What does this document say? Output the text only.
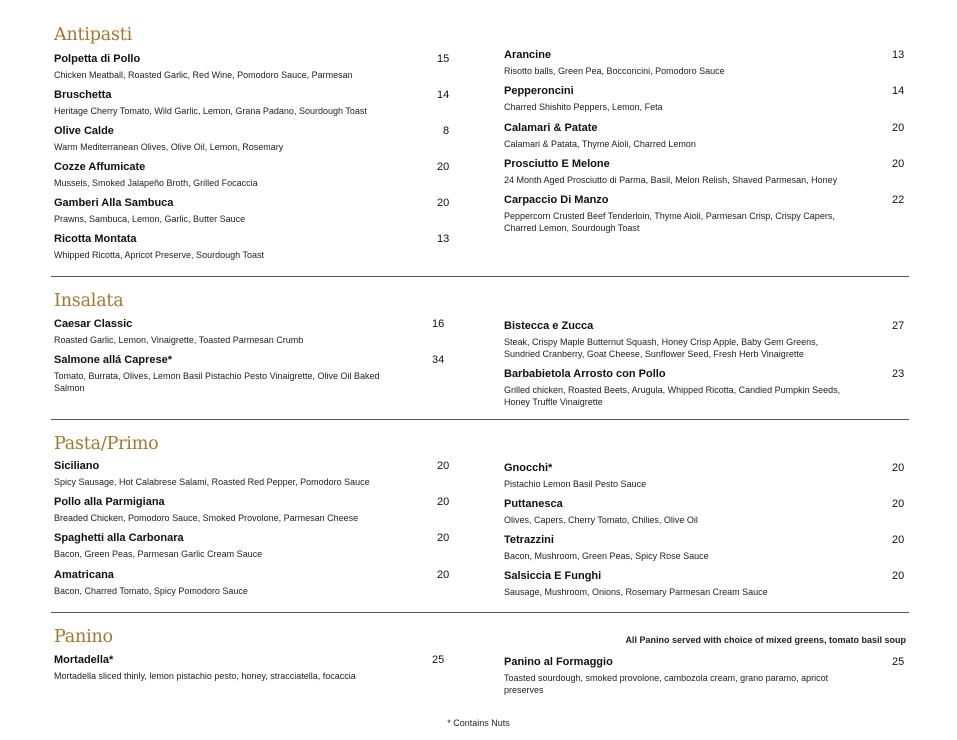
Antipasti
Polpetta di Pollo	15
Chicken Meatball, Roasted Garlic, Red Wine, Pomodoro Sauce, Parmesan
Bruschetta	14
Heritage Cherry Tomato, Wild Garlic, Lemon, Grana Padano, Sourdough Toast
Olive Calde	8
Warm Mediterranean Olives, Olive Oil, Lemon, Rosemary
Cozze Affumicate	20
Mussels, Smoked Jalapeño Broth, Grilled Focaccia
Gamberi Alla Sambuca	20
Prawns, Sambuca, Lemon, Garlic, Butter Sauce
Ricotta Montata	13
Whipped Ricotta, Apricot Preserve, Sourdough Toast
Arancine	13
Risotto balls, Green Pea, Bocconcini, Pomodoro Sauce
Pepperoncini	14
Charred Shishito Peppers, Lemon, Feta
Calamari & Patate	20
Calamari & Patata, Thyme Aioli, Charred Lemon
Prosciutto E Melone	20
24 Month Aged Prosciutto di Parma, Basil, Melon Relish, Shaved Parmesan, Honey
Carpaccio Di Manzo	22
Peppercorn Crusted Beef Tenderloin, Thyme Aioli, Parmesan Crisp, Crispy Capers, Charred Lemon, Sourdough Toast
Insalata
Caesar Classic	16
Roasted Garlic, Lemon, Vinaigrette, Toasted Parmesan Crumb
Salmone allá Caprese*	34
Tomato, Burrata, Olives, Lemon Basil Pistachio Pesto Vinaigrette, Olive Oil Baked Salmon
Bistecca e Zucca	27
Steak, Crispy Maple Butternut Squash, Honey Crisp Apple, Baby Gem Greens, Sundried Cranberry, Goat Cheese, Sunflower Seed, Fresh Herb Vinaigrette
Barbabietola Arrosto con Pollo	23
Grilled chicken, Roasted Beets, Arugula, Whipped Ricotta, Candied Pumpkin Seeds, Honey Truffle Vinaigrette
Pasta/Primo
Siciliano	20
Spicy Sausage, Hot Calabrese Salami, Roasted Red Pepper, Pomodoro Sauce
Pollo alla Parmigiana	20
Breaded Chicken, Pomodoro Sauce, Smoked Provolone, Parmesan Cheese
Spaghetti alla Carbonara	20
Bacon, Green Peas, Parmesan Garlic Cream Sauce
Amatricana	20
Bacon, Charred Tomato, Spicy Pomodoro Sauce
Gnocchi*	20
Pistachio Lemon Basil Pesto Sauce
Puttanesca	20
Olives, Capers, Cherry Tomato, Chilies, Olive Oil
Tetrazzini	20
Bacon, Mushroom, Green Peas, Spicy Rose Sauce
Salsiccia E Funghi	20
Sausage, Mushroom, Onions, Rosemary Parmesan Cream Sauce
Panino	All Panino served with choice of mixed greens, tomato basil soup
Mortadella*	25
Mortadella sliced thinly, lemon pistachio pesto, honey, stracciatella, focaccia
Panino al Formaggio	25
Toasted sourdough, smoked provolone, cambozola cream, grano paramo, apricot preserves
* Contains Nuts
